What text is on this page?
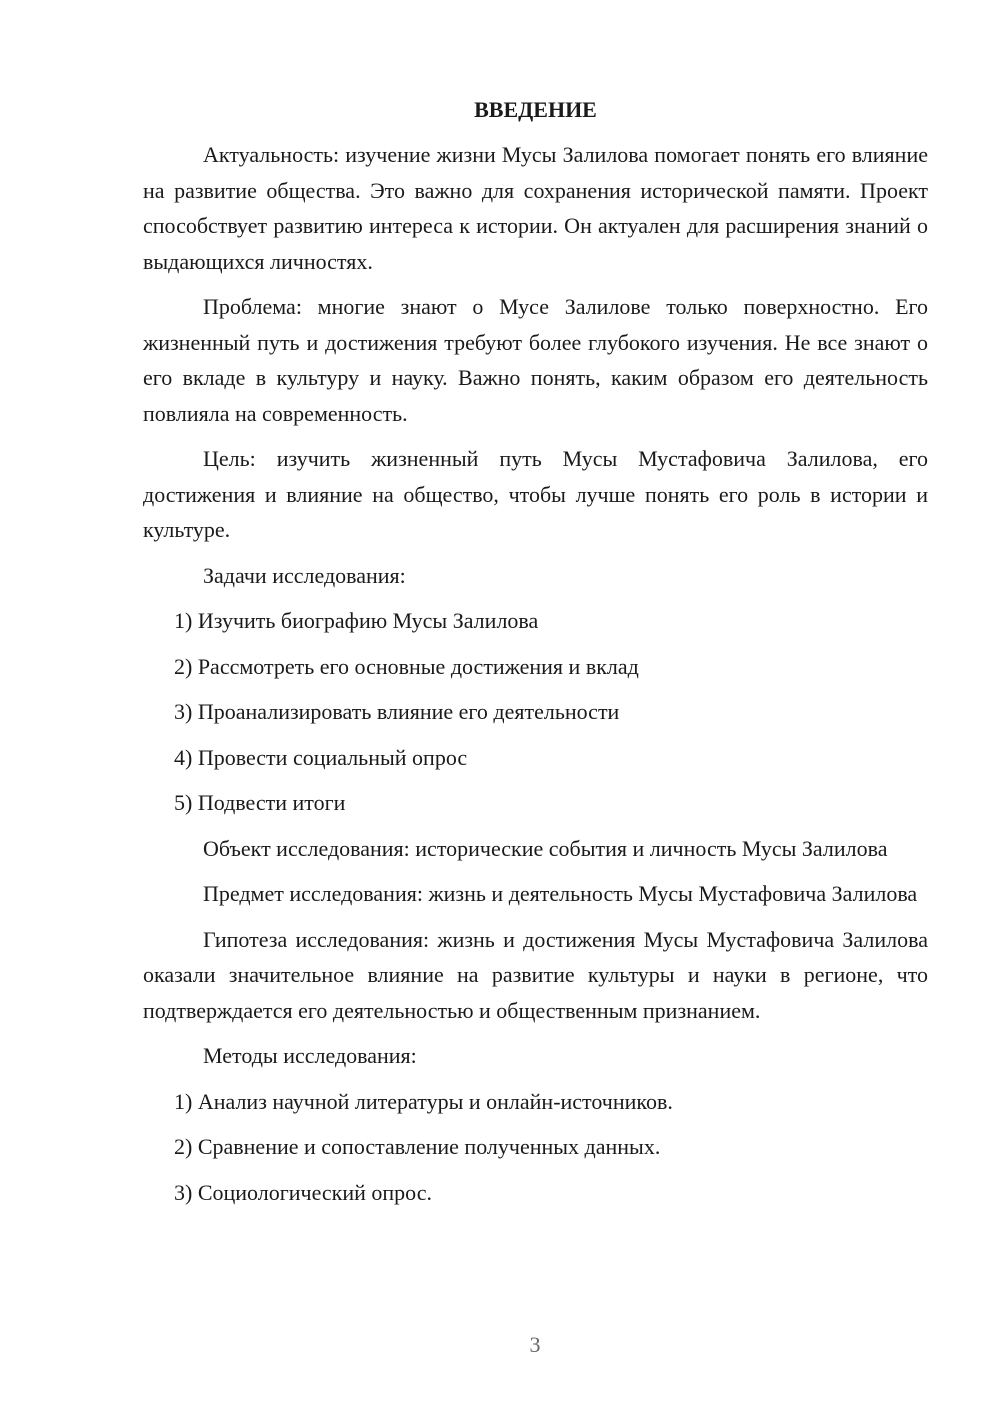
ВВЕДЕНИЕ

Актуальность: изучение жизни Мусы Залилова помогает понять его влияние на развитие общества. Это важно для сохранения исторической памяти. Проект способствует развитию интереса к истории. Он актуален для расширения знаний о выдающихся личностях.

Проблема: многие знают о Мусе Залилове только поверхностно. Его жизненный путь и достижения требуют более глубокого изучения. Не все знают о его вкладе в культуру и науку. Важно понять, каким образом его деятельность повлияла на современность.

Цель: изучить жизненный путь Мусы Мустафовича Залилова, его достижения и влияние на общество, чтобы лучше понять его роль в истории и культуре.

Задачи исследования:

1) Изучить биографию Мусы Залилова
2) Рассмотреть его основные достижения и вклад
3) Проанализировать влияние его деятельности
4) Провести социальный опрос
5) Подвести итоги

Объект исследования: исторические события и личность Мусы Залилова

Предмет исследования: жизнь и деятельность Мусы Мустафовича Залилова

Гипотеза исследования: жизнь и достижения Мусы Мустафовича Залилова оказали значительное влияние на развитие культуры и науки в регионе, что подтверждается его деятельностью и общественным признанием.

Методы исследования:

1) Анализ научной литературы и онлайн-источников.
2) Сравнение и сопоставление полученных данных.
3) Социологический опрос.
3
